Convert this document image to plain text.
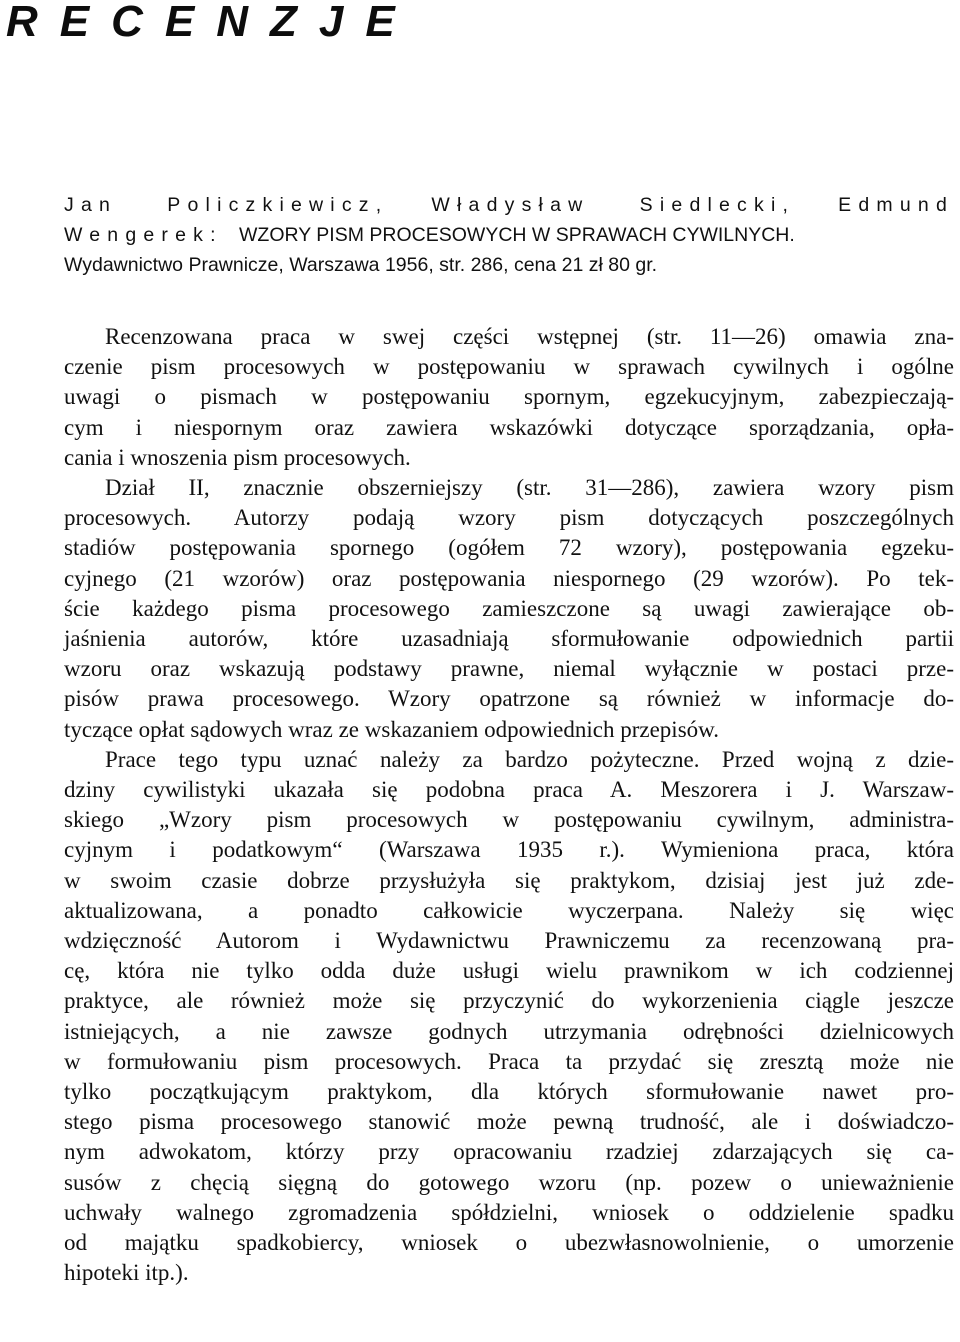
RECENZJE
Jan Policzkiewicz, Władysław Siedlecki, Edmund
Wengerek: WZORY PISM PROCESOWYCH W SPRAWACH CYWILNYCH.
Wydawnictwo Prawnicze, Warszawa 1956, str. 286, cena 21 zł 80 gr.

Recenzowana praca w swej części wstępnej (str. 11—26) omawia zna-
czenie pism procesowych w postępowaniu w sprawach cywilnych i ogólne
uwagi o pismach w postępowaniu spornym, egzekucyjnym, zabezpieczają-
cym i niespornym oraz zawiera wskazówki dotyczące sporządzania, opła-
cania i wnoszenia pism procesowych.

Dział II, znacznie obszerniejszy (str. 31—286), zawiera wzory pism
procesowych. Autorzy podają wzory pism dotyczących poszczególnych
stadiów postępowania spornego (ogółem 72 wzory), postępowania egzeku-
cyjnego (21 wzorów) oraz postępowania niespornego (29 wzorów). Po tek-
ście każdego pisma procesowego zamieszczone są uwagi zawierające ob-
jaśnienia autorów, które uzasadniają sformułowanie odpowiednich partii
wzoru oraz wskazują podstawy prawne, niemal wyłącznie w postaci prze-
pisów prawa procesowego. Wzory opatrzone są również w informacje do-
tyczące opłat sądowych wraz ze wskazaniem odpowiednich przepisów.

Prace tego typu uznać należy za bardzo pożyteczne. Przed wojną z dzie-
dziny cywilistyki ukazała się podobna praca A. Meszorera i J. Warszaw-
skiego „Wzory pism procesowych w postępowaniu cywilnym, administra-
cyjnym i podatkowym“ (Warszawa 1935 r.). Wymieniona praca, która
w swoim czasie dobrze przysłużyła się praktykom, dzisiaj jest już zde-
aktualizowana, a ponadto całkowicie wyczerpana. Należy się więc
wdzięczność Autorom i Wydawnictwu Prawniczemu za recenzowaną pra-
cę, która nie tylko odda duże usługi wielu prawnikom w ich codziennej
praktyce, ale również może się przyczynić do wykorzenienia ciągle jeszcze
istniejących, a nie zawsze godnych utrzymania odrębności dzielnicowych
w formułowaniu pism procesowych. Praca ta przydać się zresztą może nie
tylko początkującym praktykom, dla których sformułowanie nawet pro-
stego pisma procesowego stanowić może pewną trudność, ale i doświadczo-
nym adwokatom, którzy przy opracowaniu rzadziej zdarzających się ca-
susów z chęcią sięgną do gotowego wzoru (np. pozew o unieważnienie
uchwały walnego zgromadzenia spółdzielni, wniosek o oddzielenie spadku
od majątku spadkobiercy, wniosek o ubezwłasnowolnienie, o umorzenie
hipoteki itp.).
